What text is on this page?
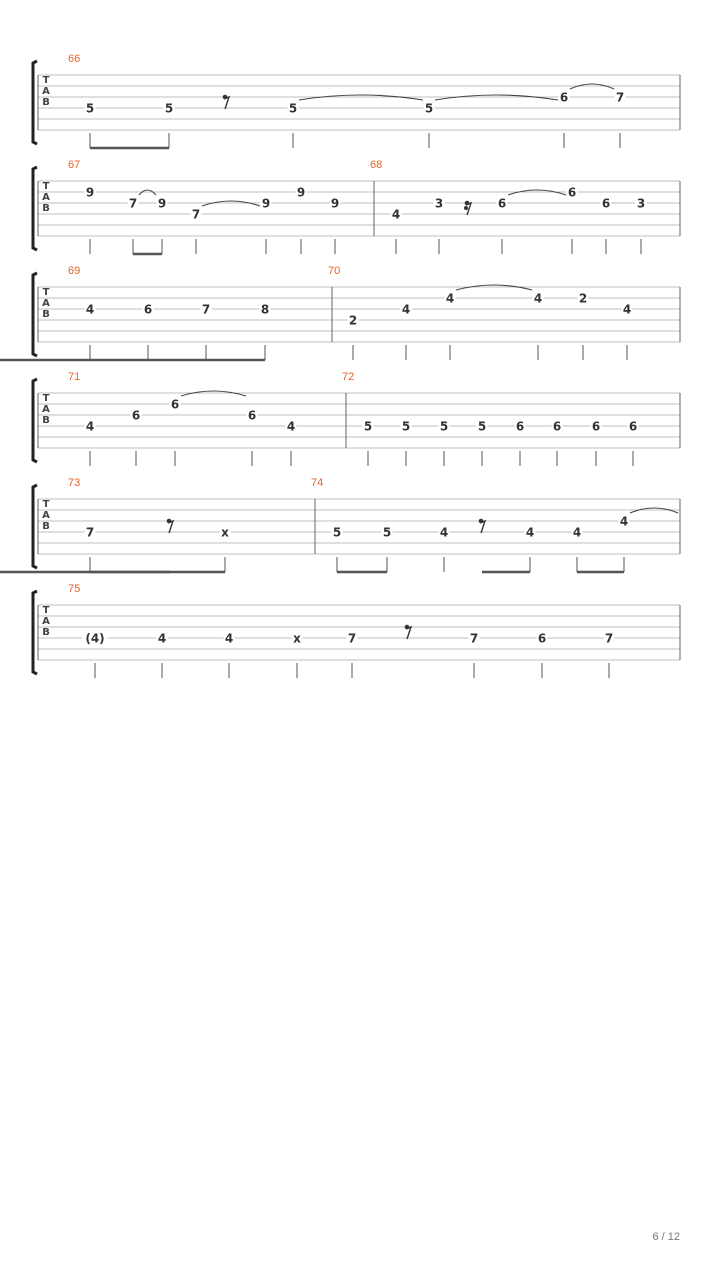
T
A
B
66
5	5	5	5
6	7
T
A
B
67
9
7 9
7
9
9
9
68
4
3	6
6
6 3
T
A
B
69
4	6	7	8
70
2
4
4	4	2
4
T
A
B
71
4
6
6
6
4
72
5 5 5 5 6 6	6 6
T
A
B
73
7	x
74
5	5	4	4	4
4
T
A
B
75
(4)	4	4	x	7	7	6	7
6 / 12
